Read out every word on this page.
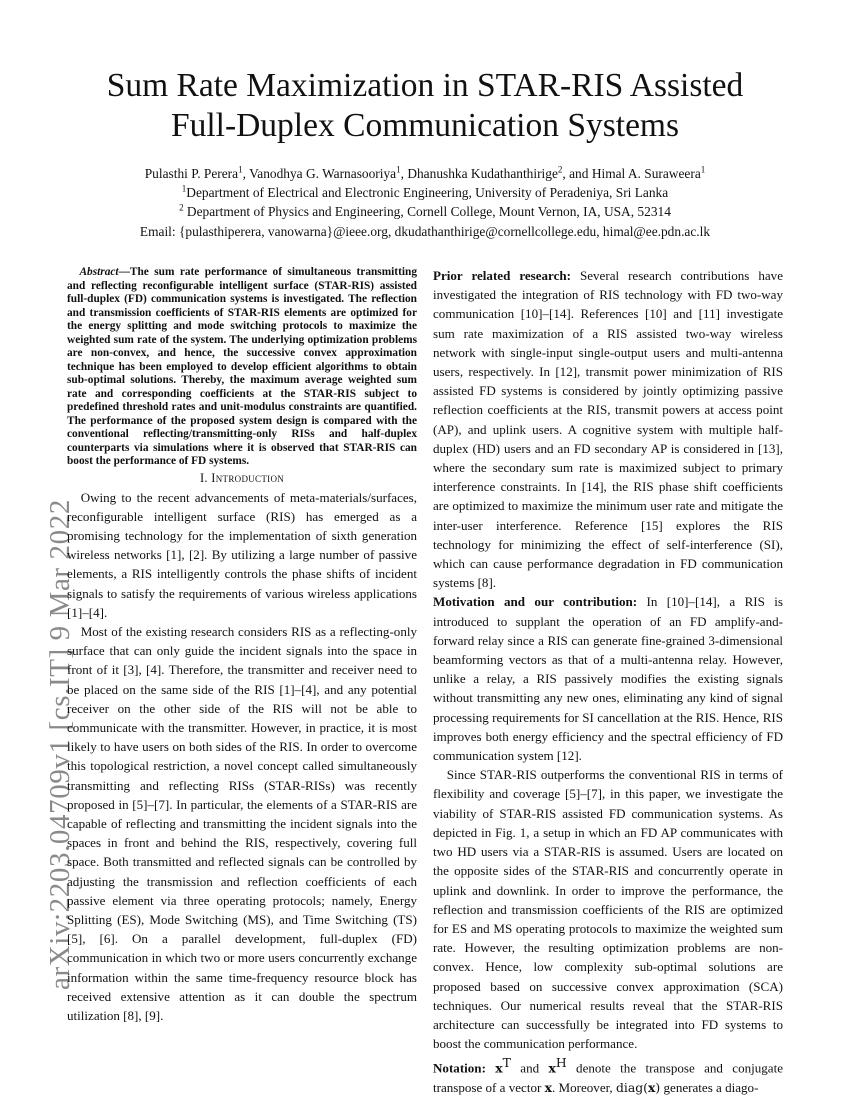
arXiv:2203.04709v1 [cs.IT] 9 Mar 2022
Sum Rate Maximization in STAR-RIS Assisted
Full-Duplex Communication Systems
Pulasthi P. Perera$^1$, Vanodhya G. Warnasooriya$^1$, Dhanushka Kudathanthirige$^2$, and Himal A. Suraweera$^1$
$^1$Department of Electrical and Electronic Engineering, University of Peradeniya, Sri Lanka
$^2$ Department of Physics and Engineering, Cornell College, Mount Vernon, IA, USA, 52314
Email: {pulasthiperera, vanowarna}@ieee.org, dkudathanthirige@cornellcollege.edu, himal@ee.pdn.ac.lk

Abstract—The sum rate performance of simultaneous transmitting and reflecting reconfigurable intelligent surface (STAR-RIS) assisted full-duplex (FD) communication systems is investigated. The reflection and transmission coefficients of STAR-RIS elements are optimized for the energy splitting and mode switching protocols to maximize the weighted sum rate of the system. The underlying optimization problems are non-convex, and hence, the successive convex approximation technique has been employed to develop efficient algorithms to obtain sub-optimal solutions. Thereby, the maximum average weighted sum rate and corresponding coefficients at the STAR-RIS subject to predefined threshold rates and unit-modulus constraints are quantified. The performance of the proposed system design is compared with the conventional reflecting/transmitting-only RISs and half-duplex counterparts via simulations where it is observed that STAR-RIS can boost the performance of FD systems.

I. Introduction

Owing to the recent advancements of meta-materials/surfaces, reconfigurable intelligent surface (RIS) has emerged as a promising technology for the implementation of sixth generation wireless networks [1], [2]. By utilizing a large number of passive elements, a RIS intelligently controls the phase shifts of incident signals to satisfy the requirements of various wireless applications [1]–[4].

Most of the existing research considers RIS as a reflecting-only surface that can only guide the incident signals into the space in front of it [3], [4]. Therefore, the transmitter and receiver need to be placed on the same side of the RIS [1]–[4], and any potential receiver on the other side of the RIS will not be able to communicate with the transmitter. However, in practice, it is most likely to have users on both sides of the RIS. In order to overcome this topological restriction, a novel concept called simultaneously transmitting and reflecting RISs (STAR-RISs) was recently proposed in [5]–[7]. In particular, the elements of a STAR-RIS are capable of reflecting and transmitting the incident signals into the spaces in front and behind the RIS, respectively, covering full space. Both transmitted and reflected signals can be controlled by adjusting the transmission and reflection coefficients of each passive element via three operating protocols; namely, Energy Splitting (ES), Mode Switching (MS), and Time Switching (TS) [5], [6]. On a parallel development, full-duplex (FD) communication in which two or more users concurrently exchange information within the same time-frequency resource block has received extensive attention as it can double the spectrum utilization [8], [9].

Prior related research: Several research contributions have investigated the integration of RIS technology with FD two-way communication [10]–[14]. References [10] and [11] investigate sum rate maximization of a RIS assisted two-way wireless network with single-input single-output users and multi-antenna users, respectively. In [12], transmit power minimization of RIS assisted FD systems is considered by jointly optimizing passive reflection coefficients at the RIS, transmit powers at access point (AP), and uplink users. A cognitive system with multiple half-duplex (HD) users and an FD secondary AP is considered in [13], where the secondary sum rate is maximized subject to primary interference constraints. In [14], the RIS phase shift coefficients are optimized to maximize the minimum user rate and mitigate the inter-user interference. Reference [15] explores the RIS technology for minimizing the effect of self-interference (SI), which can cause performance degradation in FD communication systems [8].

Motivation and our contribution: In [10]–[14], a RIS is introduced to supplant the operation of an FD amplify-and-forward relay since a RIS can generate fine-grained 3-dimensional beamforming vectors as that of a multi-antenna relay. However, unlike a relay, a RIS passively modifies the existing signals without transmitting any new ones, eliminating any kind of signal processing requirements for SI cancellation at the RIS. Hence, RIS improves both energy efficiency and the spectral efficiency of FD communication system [12].

Since STAR-RIS outperforms the conventional RIS in terms of flexibility and coverage [5]–[7], in this paper, we investigate the viability of STAR-RIS assisted FD communication systems. As depicted in Fig. 1, a setup in which an FD AP communicates with two HD users via a STAR-RIS is assumed. Users are located on the opposite sides of the STAR-RIS and concurrently operate in uplink and downlink. In order to improve the performance, the reflection and transmission coefficients of the RIS are optimized for ES and MS operating protocols to maximize the weighted sum rate. However, the resulting optimization problems are non-convex. Hence, low complexity sub-optimal solutions are proposed based on successive convex approximation (SCA) techniques. Our numerical results reveal that the STAR-RIS architecture can successfully be integrated into FD systems to boost the communication performance.

Notation: $x^T$ and $x^H$ denote the transpose and conjugate transpose of a vector x. Moreover, diag(x) generates a diago-
